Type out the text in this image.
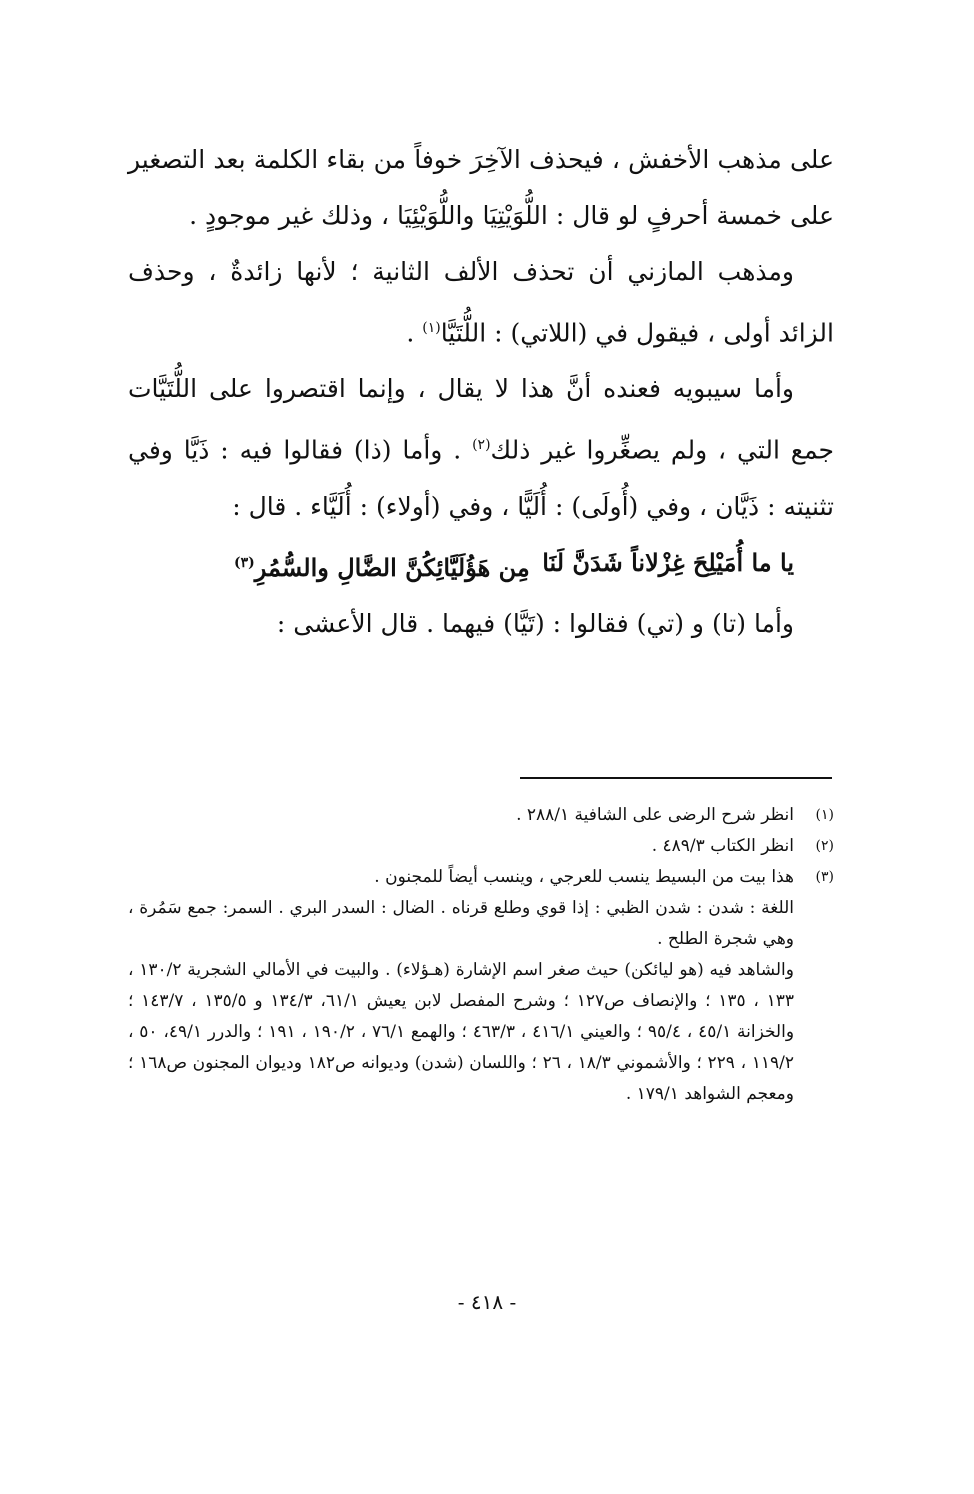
على مذهب الأخفش ، فيحذف الآخِرَ خوفاً من بقاء الكلمة بعد التصغير على خمسة أحرفٍ لو قال : اللُّوَيْتِيَا واللُّوَيْئِيَا ، وذلك غير موجودٍ .

ومذهب المازني أن تحذف الألف الثانية ؛ لأنها زائدةٌ ، وحذف الزائد أولى ، فيقول في (اللاتي) : اللُّتَيَّا$^{(١)}$ .

وأما سيبويه فعنده أنَّ هذا لا يقال ، وإنما اقتصروا على اللُّتَيَّات جمع التي ، ولم يصغِّروا غير ذلك$^{(٢)}$ . وأما (ذا) فقالوا فيه : ذَيَّا وفي تثنيته : ذَيَّان ، وفي (أُولَى) : أُلَيًّا ، وفي (أولاء) : أُلَيَّاء . قال :

يا ما أُمَيْلِحَ غِزْلاناً شَدَنَّ لَنَا
مِن هَؤُلَيَّائِكُنَّ الضَّالِ والسُّمُرِ$^{(٣)}$

وأما (تا) و (تي) فقالوا : (تَيَّا) فيهما . قال الأعشى :

(١)
انظر شرح الرضى على الشافية ٢٨٨/١ .
(٢)
انظر الكتاب ٤٨٩/٣ .
(٣)
هذا بيت من البسيط ينسب للعرجي ، وينسب أيضاً للمجنون .
اللغة : شدن : شدن الظبي : إذا قوي وطلع قرناه . الضال : السدر البري . السمر: جمع سَمُرة ، وهي شجرة الطلح .
والشاهد فيه (هو ليائكن) حيث صغر اسم الإشارة (هـؤلاء) . والبيت في الأمالي الشجرية ١٣٠/٢ ، ١٣٣ ، ١٣٥ ؛ والإنصاف ص١٢٧ ؛ وشرح المفصل لابن يعيش ٦١/١، ١٣٤/٣ و ١٣٥/٥ ، ١٤٣/٧ ؛ والخزانة ٤٥/١ ، ٩٥/٤ ؛ والعيني ٤١٦/١ ، ٤٦٣/٣ ؛ والهمع ٧٦/١ ، ١٩٠/٢ ، ١٩١ ؛ والدرر ٤٩/١، ٥٠ ، ١١٩/٢ ، ٢٢٩ ؛ والأشموني ١٨/٣ ، ٢٦ ؛ واللسان (شدن) وديوانه ص١٨٢ وديوان المجنون ص١٦٨ ؛ ومعجم الشواهد ١٧٩/١ .
- ٤١٨ -
